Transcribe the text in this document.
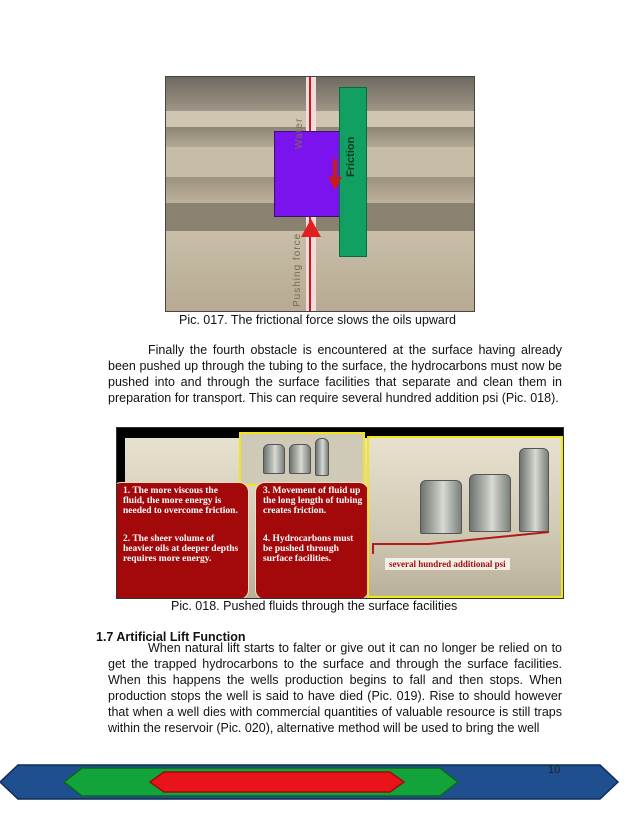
Water
Pushing force
Friction
Pic. 017. The frictional force slows the oils upward
Finally the fourth obstacle is encountered at the surface having already been pushed up through the tubing to the surface, the hydrocarbons must now be pushed into and through the surface facilities that separate and clean them in preparation for transport. This can require several hundred addition psi (Pic. 018).
1. The more viscous the fluid, the more energy is needed to overcome friction.
2. The sheer volume of heavier oils at deeper depths requires more energy.
3. Movement of fluid up the long length of tubing creates friction.
4. Hydrocarbons must be pushed through surface facilities.	several hundred additional psi
Pic. 018. Pushed fluids through the surface facilities
1.7 Artificial Lift Function
When natural lift starts to falter or give out it can no longer be relied on to get the trapped hydrocarbons to the surface and through the surface facilities. When this happens the wells production begins to fall and then stops. When production stops the well is said to have died (Pic. 019). Rise to should however that when a well dies with commercial quantities of valuable resource is still traps within the reservoir (Pic. 020), alternative method will be used to bring the well
10
